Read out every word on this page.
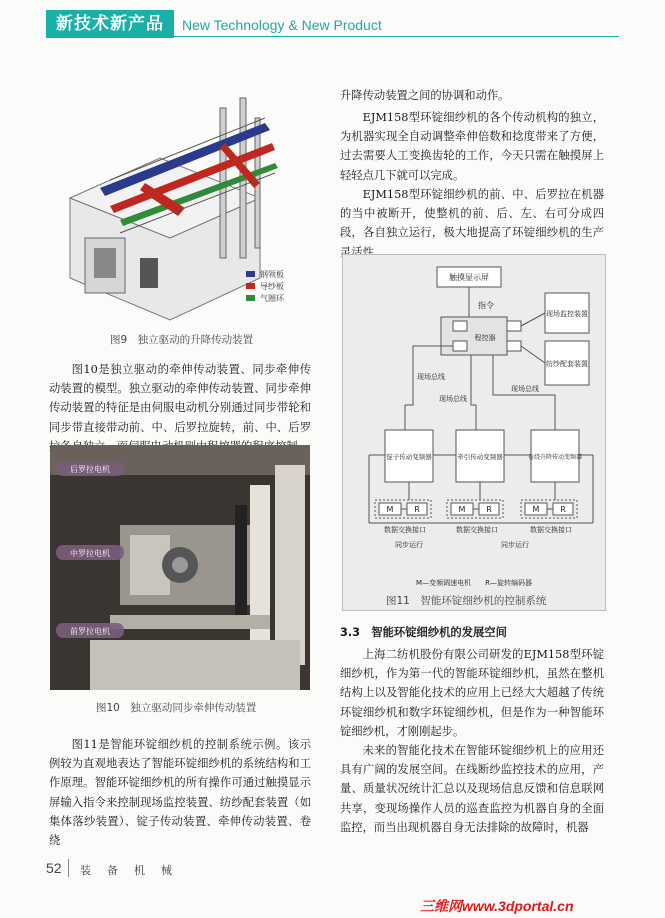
新技术新产品	New Technology & New Product
钢领板
导纱板
气圈环
图9　独立驱动的升降传动装置

图10是独立驱动的牵伸传动装置、同步牵伸传动装置的模型。独立驱动的牵伸传动装置、同步牵伸传动装置的特征是由伺服电动机分别通过同步带轮和同步带直接带动前、中、后罗拉旋转，前、中、后罗

后罗拉电机
中罗拉电机
前罗拉电机
图10　独立驱动同步牵伸传动装置

图11是智能环锭细纱机的控制系统示例。该示例较为直观地表达了智能环锭细纱机的系统结构和工作原理。智能环锭细纱机的所有操作可通过触摸显示屏输入指令来控制现场监控装置、纺纱配套装置（如集体落纱装置）、锭子传动装置、牵伸传动装置、卷绕

升降传动装置之间的协调和动作。

EJM158型环锭细纱机的各个传动机构的独立，为机器实现全自动调整牵伸倍数和捻度带来了方便，过去需要人工变换齿轮的工作，今天只需在触摸屏上轻轻点几下就可以完成。

EJM158型环锭细纱机的前、中、后罗拉在机器的当中被断开，使整机的前、后、左、右可分成四段，各自独立运行，极大地提高了环锭细纱机的生产灵活性。

触摸显示屏
指令
程控器
现场监控装置
纺纱配套装置
现场总线
现场总线
现场总线
锭子传动变频器	牵引传动变频器	卷绕升降传动变频器
M	R	M	R	M	R
数据交换接口	数据交换接口	数据交换接口
同步运行	同步运行
M—变频调速电机　　R—旋转编码器
图11　智能环锭细纱机的控制系统
3.3　 智能环锭细纱机的发展空间

上海二纺机股份有限公司研发的EJM158型环锭细纱机，作为第一代的智能环锭细纱机，虽然在整机结构上以及智能化技术的应用上已经大大超越了传统环锭细纱机和数字环锭细纱机，但是作为一种智能环锭细纱机，才刚刚起步。

未来的智能化技术在智能环锭细纱机上的应用还具有广阔的发展空间。在线断纱监控技术的应用，产量、质量状况统计汇总以及现场信息反馈和信息联网共享，变现场操作人员的巡查监控为机器自身的全面监控，而当出现机器自身无法排除的故障时，机器

52 装备机械
三维网www.3dportal.cn
